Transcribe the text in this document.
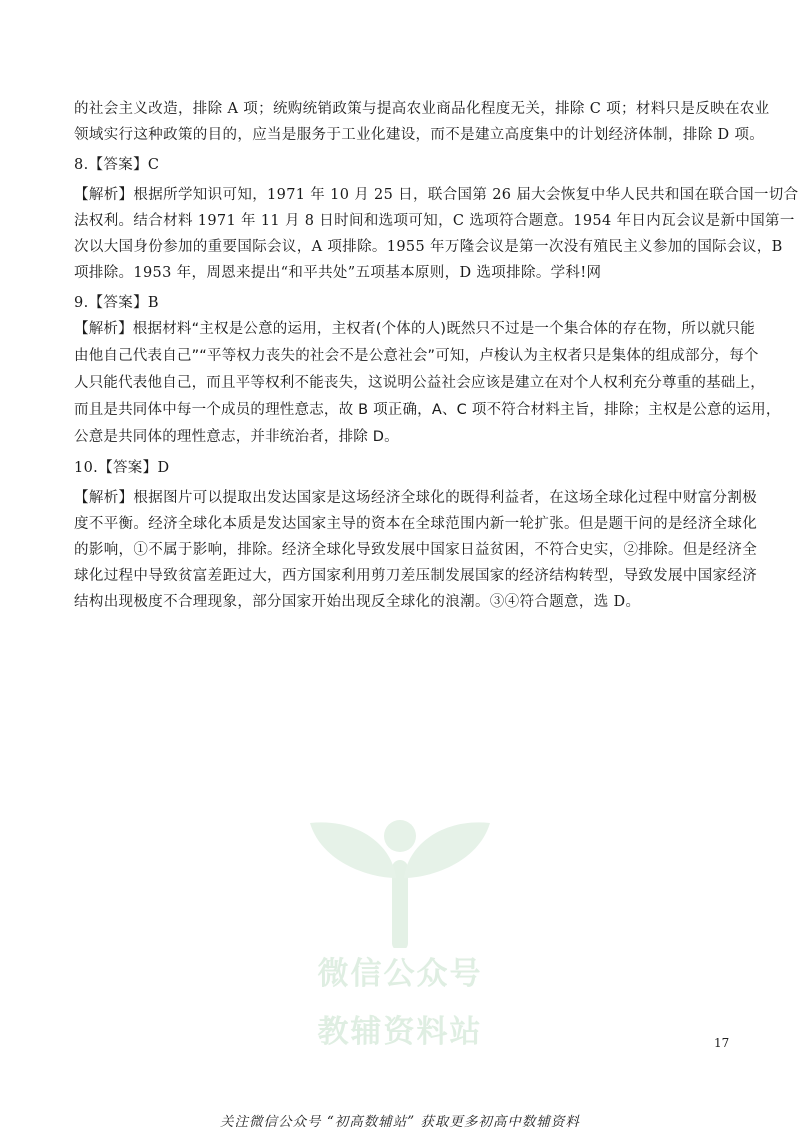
的社会主义改造，排除 A 项；统购统销政策与提高农业商品化程度无关，排除 C 项；材料只是反映在农业
领域实行这种政策的目的，应当是服务于工业化建设，而不是建立高度集中的计划经济体制，排除 D 项。
8.【答案】C
【解析】根据所学知识可知，1971 年 10 月 25 日，联合国第 26 届大会恢复中华人民共和国在联合国一切合
法权利。结合材料 1971 年 11 月 8 日时间和选项可知，C 选项符合题意。1954 年日内瓦会议是新中国第一
次以大国身份参加的重要国际会议，A 项排除。1955 年万隆会议是第一次没有殖民主义参加的国际会议，B
项排除。1953 年，周恩来提出“和平共处”五项基本原则，D 选项排除。学科!网
9.【答案】B
【解析】根据材料“主权是公意的运用，主权者(个体的人)既然只不过是一个集合体的存在物，所以就只能
由他自己代表自己”“平等权力丧失的社会不是公意社会”可知，卢梭认为主权者只是集体的组成部分，每个
人只能代表他自己，而且平等权利不能丧失，这说明公益社会应该是建立在对个人权利充分尊重的基础上，
而且是共同体中每一个成员的理性意志，故 B 项正确，A、C 项不符合材料主旨，排除；主权是公意的运用，
公意是共同体的理性意志，并非统治者，排除 D。
10.【答案】D
【解析】根据图片可以提取出发达国家是这场经济全球化的既得利益者，在这场全球化过程中财富分割极
度不平衡。经济全球化本质是发达国家主导的资本在全球范围内新一轮扩张。但是题干问的是经济全球化
的影响，①不属于影响，排除。经济全球化导致发展中国家日益贫困，不符合史实，②排除。但是经济全
球化过程中导致贫富差距过大，西方国家利用剪刀差压制发展国家的经济结构转型，导致发展中国家经济
结构出现极度不合理现象，部分国家开始出现反全球化的浪潮。③④符合题意，选 D。
微信公众号
教辅资料站	17
关注微信公众号 “初高数辅站” 获取更多初高中数辅资料
